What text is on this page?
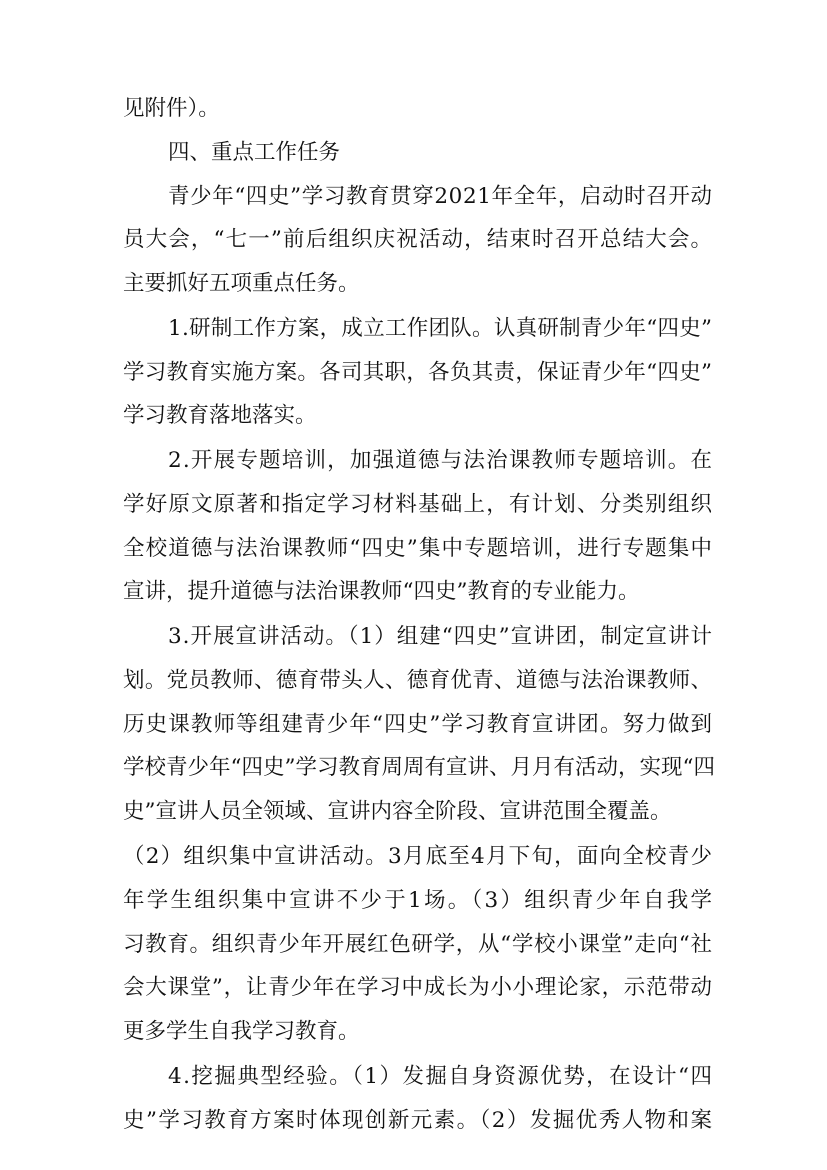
见附件）。

四、重点工作任务

青少年“四史”学习教育贯穿2021年全年，启动时召开动

员大会，“七一”前后组织庆祝活动，结束时召开总结大会。

主要抓好五项重点任务。

1.研制工作方案，成立工作团队。认真研制青少年“四史”

学习教育实施方案。各司其职，各负其责，保证青少年“四史”

学习教育落地落实。

2.开展专题培训，加强道德与法治课教师专题培训。在

学好原文原著和指定学习材料基础上，有计划、分类别组织

全校道德与法治课教师“四史”集中专题培训，进行专题集中

宣讲，提升道德与法治课教师“四史”教育的专业能力。

3.开展宣讲活动。（1）组建“四史”宣讲团，制定宣讲计

划。党员教师、德育带头人、德育优青、道德与法治课教师、

历史课教师等组建青少年“四史”学习教育宣讲团。努力做到

学校青少年“四史”学习教育周周有宣讲、月月有活动，实现“四

史”宣讲人员全领域、宣讲内容全阶段、宣讲范围全覆盖。

（2）组织集中宣讲活动。3月底至4月下旬，面向全校青少

年学生组织集中宣讲不少于1场。（3）组织青少年自我学

习教育。组织青少年开展红色研学，从“学校小课堂”走向“社

会大课堂”，让青少年在学习中成长为小小理论家，示范带动

更多学生自我学习教育。

4.挖掘典型经验。（1）发掘自身资源优势，在设计“四

史”学习教育方案时体现创新元素。（2）发掘优秀人物和案
